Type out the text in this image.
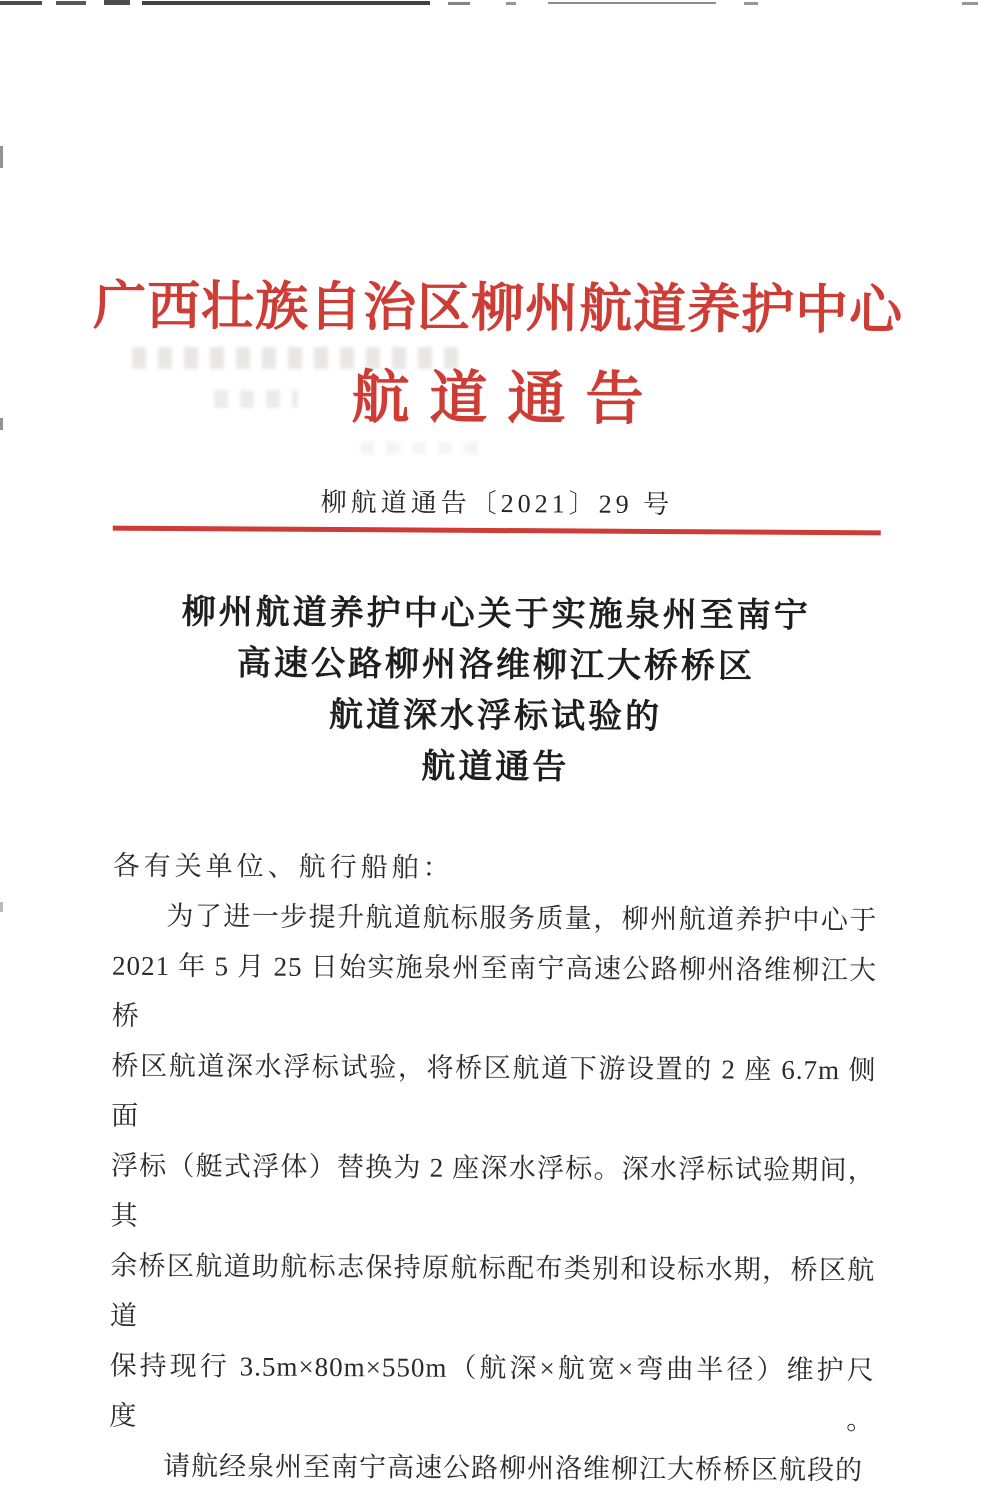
广西壮族自治区柳州航道养护中心
航道通告
柳航道通告〔2021〕29 号
柳州航道养护中心关于实施泉州至南宁
高速公路柳州洛维柳江大桥桥区
航道深水浮标试验的
航道通告
各有关单位、航行船舶：
为了进一步提升航道航标服务质量，柳州航道养护中心于
2021 年 5 月 25 日始实施泉州至南宁高速公路柳州洛维柳江大桥
桥区航道深水浮标试验，将桥区航道下游设置的 2 座 6.7m 侧面
浮标（艇式浮体）替换为 2 座深水浮标。深水浮标试验期间，其
余桥区航道助航标志保持原航标配布类别和设标水期，桥区航道
保持现行 3.5m×80m×550m（航深×航宽×弯曲半径）维护尺度。
请航经泉州至南宁高速公路柳州洛维柳江大桥桥区航段的
